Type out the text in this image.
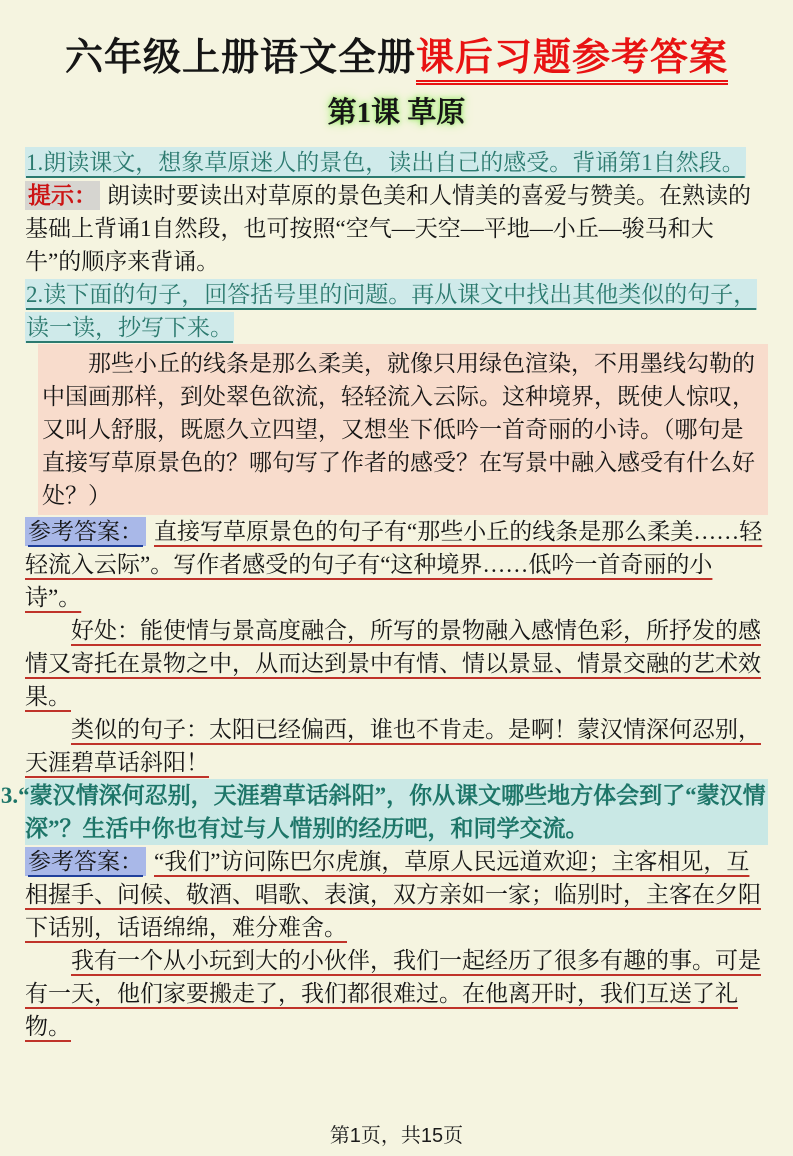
六年级上册语文全册课后习题参考答案
第1课 草原

1.朗读课文，想象草原迷人的景色，读出自己的感受。背诵第1自然段。

提示： 朗读时要读出对草原的景色美和人情美的喜爱与赞美。在熟读的基础上背诵1自然段，也可按照“空气—天空—平地—小丘—骏马和大牛”的顺序来背诵。

2.读下面的句子，回答括号里的问题。再从课文中找出其他类似的句子，读一读，抄写下来。

那些小丘的线条是那么柔美，就像只用绿色渲染，不用墨线勾勒的中国画那样，到处翠色欲流，轻轻流入云际。这种境界，既使人惊叹，又叫人舒服，既愿久立四望，又想坐下低吟一首奇丽的小诗。（哪句是直接写草原景色的？哪句写了作者的感受？在写景中融入感受有什么好处？）

参考答案： 直接写草原景色的句子有“那些小丘的线条是那么柔美……轻轻流入云际”。写作者感受的句子有“这种境界……低吟一首奇丽的小诗”。

好处：能使情与景高度融合，所写的景物融入感情色彩，所抒发的感情又寄托在景物之中，从而达到景中有情、情以景显、情景交融的艺术效果。

类似的句子：太阳已经偏西，谁也不肯走。是啊！蒙汉情深何忍别，天涯碧草话斜阳！

3.“蒙汉情深何忍别，天涯碧草话斜阳”，你从课文哪些地方体会到了“蒙汉情深”？生活中你也有过与人惜别的经历吧，和同学交流。

参考答案： “我们”访问陈巴尔虎旗，草原人民远道欢迎；主客相见，互相握手、问候、敬酒、唱歌、表演，双方亲如一家；临别时，主客在夕阳下话别，话语绵绵，难分难舍。

我有一个从小玩到大的小伙伴，我们一起经历了很多有趣的事。可是有一天，他们家要搬走了，我们都很难过。在他离开时，我们互送了礼物。

第1页，共15页
